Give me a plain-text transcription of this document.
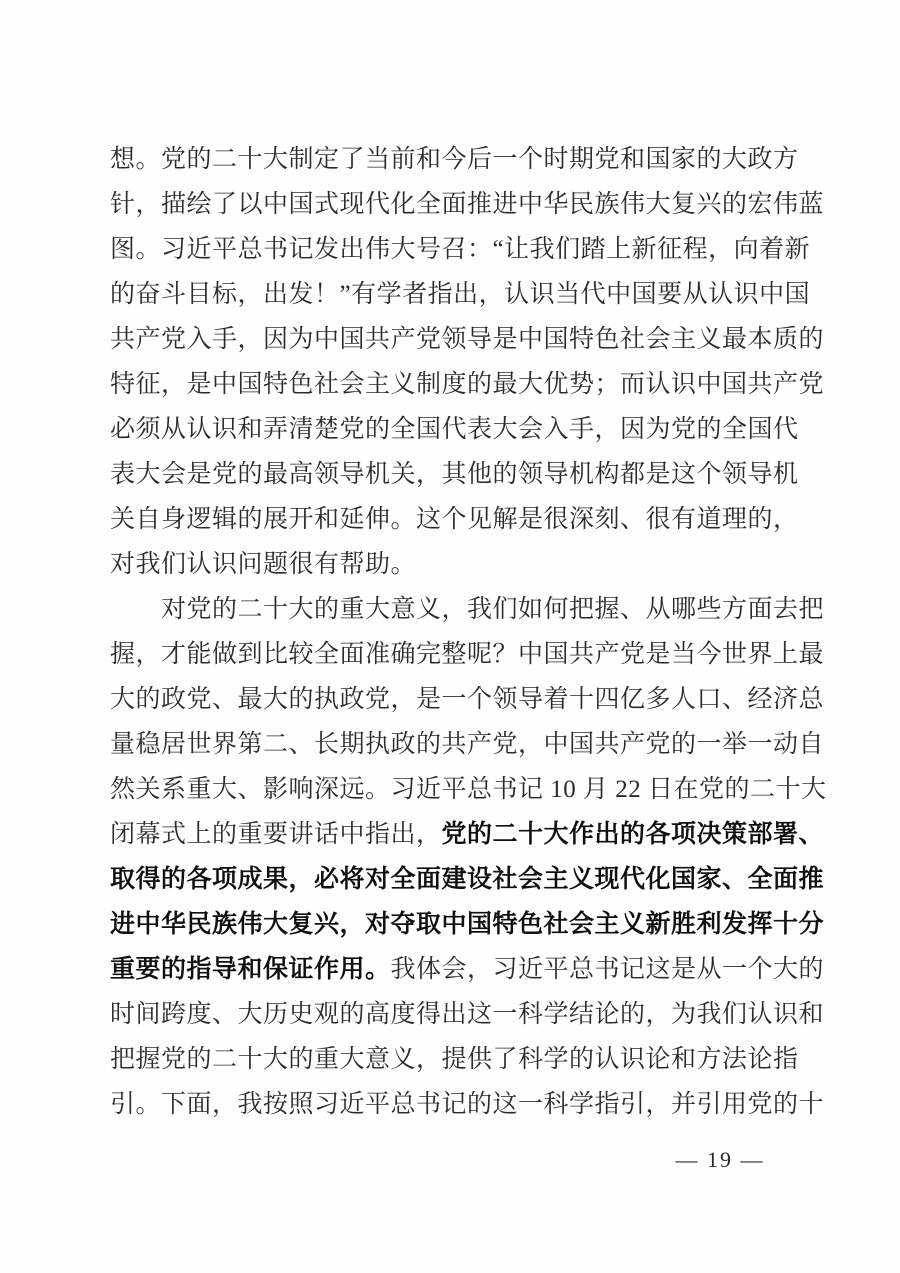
想。党的二十大制定了当前和今后一个时期党和国家的大政方
针，描绘了以中国式现代化全面推进中华民族伟大复兴的宏伟蓝
图。习近平总书记发出伟大号召：“让我们踏上新征程，向着新
的奋斗目标，出发！”有学者指出，认识当代中国要从认识中国
共产党入手，因为中国共产党领导是中国特色社会主义最本质的
特征，是中国特色社会主义制度的最大优势；而认识中国共产党
必须从认识和弄清楚党的全国代表大会入手，因为党的全国代
表大会是党的最高领导机关，其他的领导机构都是这个领导机
关自身逻辑的展开和延伸。这个见解是很深刻、很有道理的，
对我们认识问题很有帮助。
对党的二十大的重大意义，我们如何把握、从哪些方面去把
握，才能做到比较全面准确完整呢？中国共产党是当今世界上最
大的政党、最大的执政党，是一个领导着十四亿多人口、经济总
量稳居世界第二、长期执政的共产党，中国共产党的一举一动自
然关系重大、影响深远。习近平总书记 10 月 22 日在党的二十大
闭幕式上的重要讲话中指出，党的二十大作出的各项决策部署、
取得的各项成果，必将对全面建设社会主义现代化国家、全面推
进中华民族伟大复兴，对夺取中国特色社会主义新胜利发挥十分
重要的指导和保证作用。我体会，习近平总书记这是从一个大的
时间跨度、大历史观的高度得出这一科学结论的，为我们认识和
把握党的二十大的重大意义，提供了科学的认识论和方法论指
引。下面，我按照习近平总书记的这一科学指引，并引用党的十
— 19 —
